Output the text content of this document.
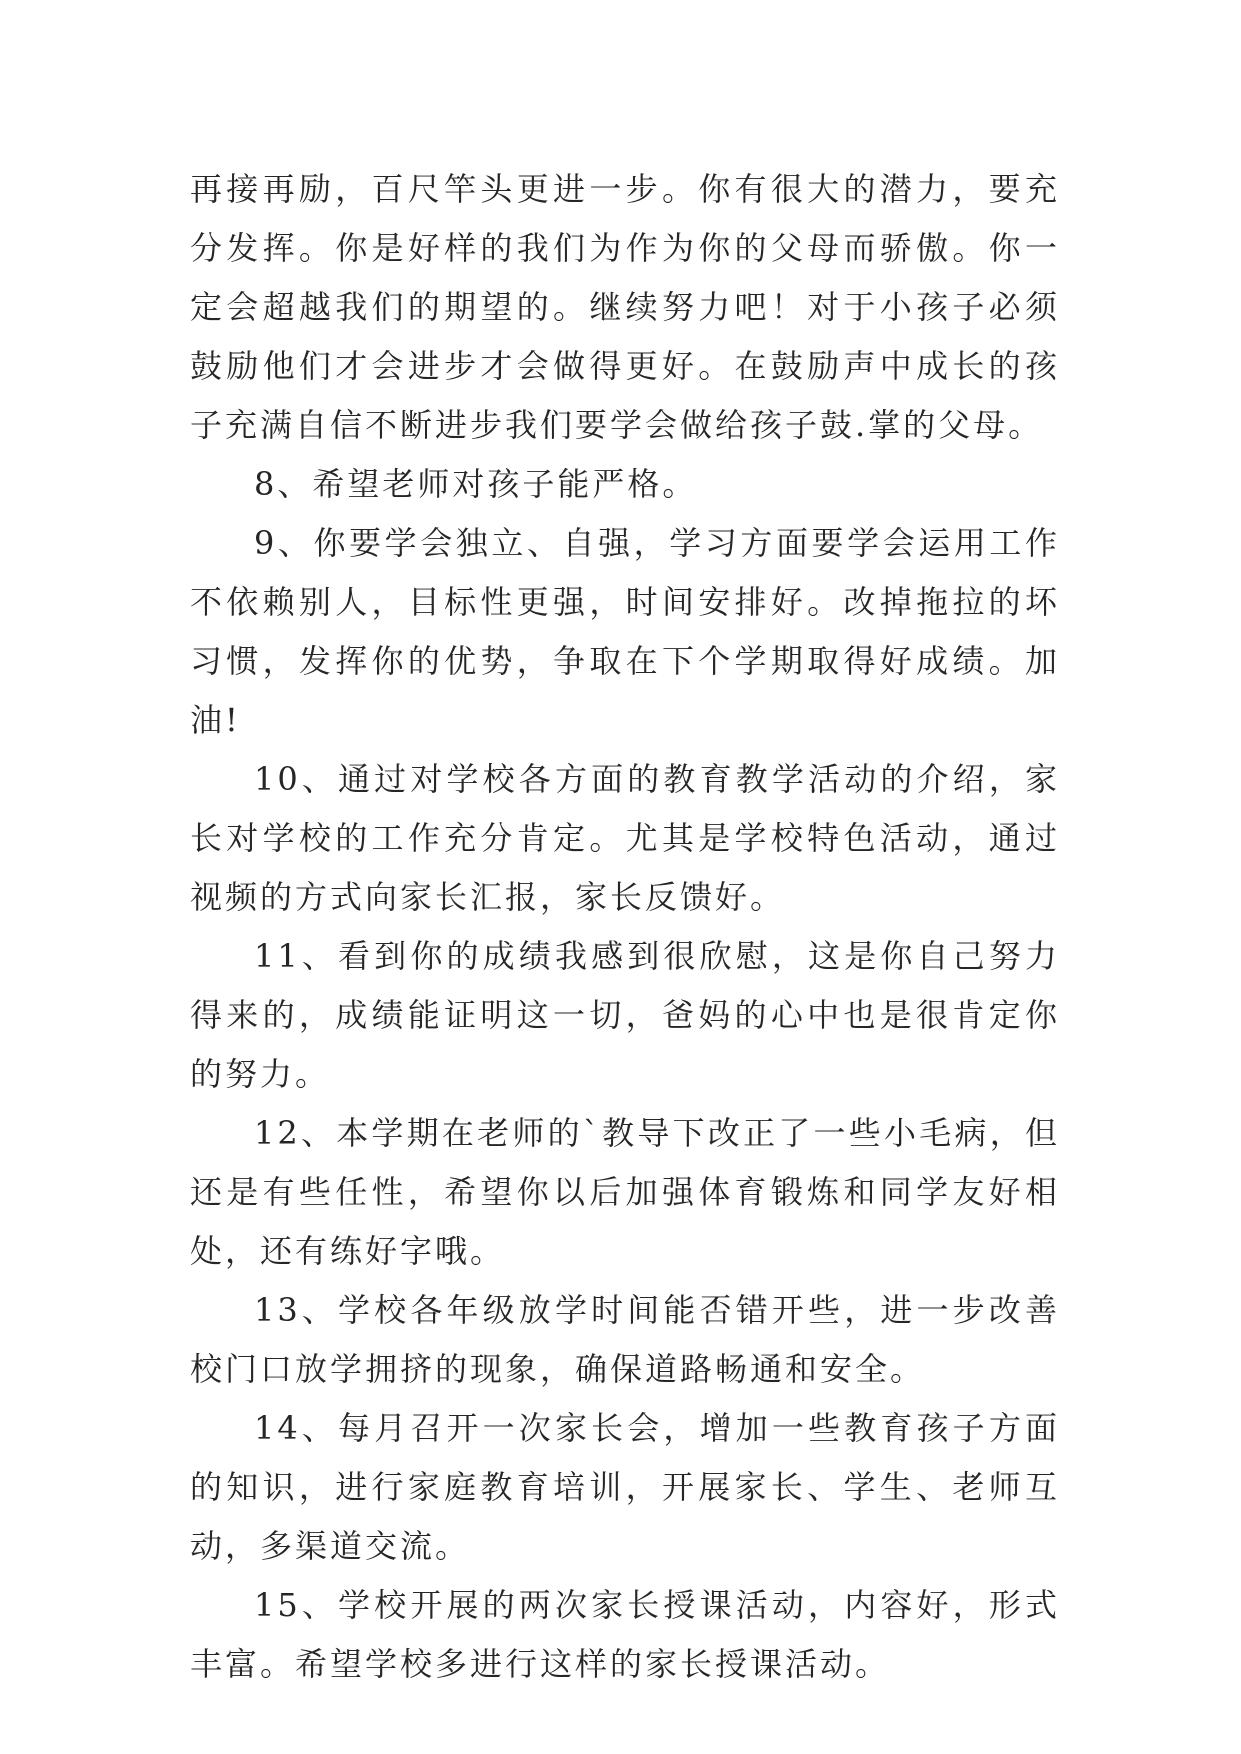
再接再励，百尺竿头更进一步。你有很大的潜力，要充分发挥。你是好样的我们为作为你的父母而骄傲。你一定会超越我们的期望的。继续努力吧！对于小孩子必须鼓励他们才会进步才会做得更好。在鼓励声中成长的孩子充满自信不断进步我们要学会做给孩子鼓.掌的父母。

8、希望老师对孩子能严格。

9、你要学会独立、自强，学习方面要学会运用工作不依赖别人，目标性更强，时间安排好。改掉拖拉的坏习惯，发挥你的优势，争取在下个学期取得好成绩。加油!

10、通过对学校各方面的教育教学活动的介绍，家长对学校的工作充分肯定。尤其是学校特色活动，通过视频的方式向家长汇报，家长反馈好。

11、看到你的成绩我感到很欣慰，这是你自己努力得来的，成绩能证明这一切，爸妈的心中也是很肯定你的努力。

12、本学期在老师的`教导下改正了一些小毛病，但还是有些任性，希望你以后加强体育锻炼和同学友好相处，还有练好字哦。

13、学校各年级放学时间能否错开些，进一步改善校门口放学拥挤的现象，确保道路畅通和安全。

14、每月召开一次家长会，增加一些教育孩子方面的知识，进行家庭教育培训，开展家长、学生、老师互动，多渠道交流。

15、学校开展的两次家长授课活动，内容好，形式丰富。希望学校多进行这样的家长授课活动。
